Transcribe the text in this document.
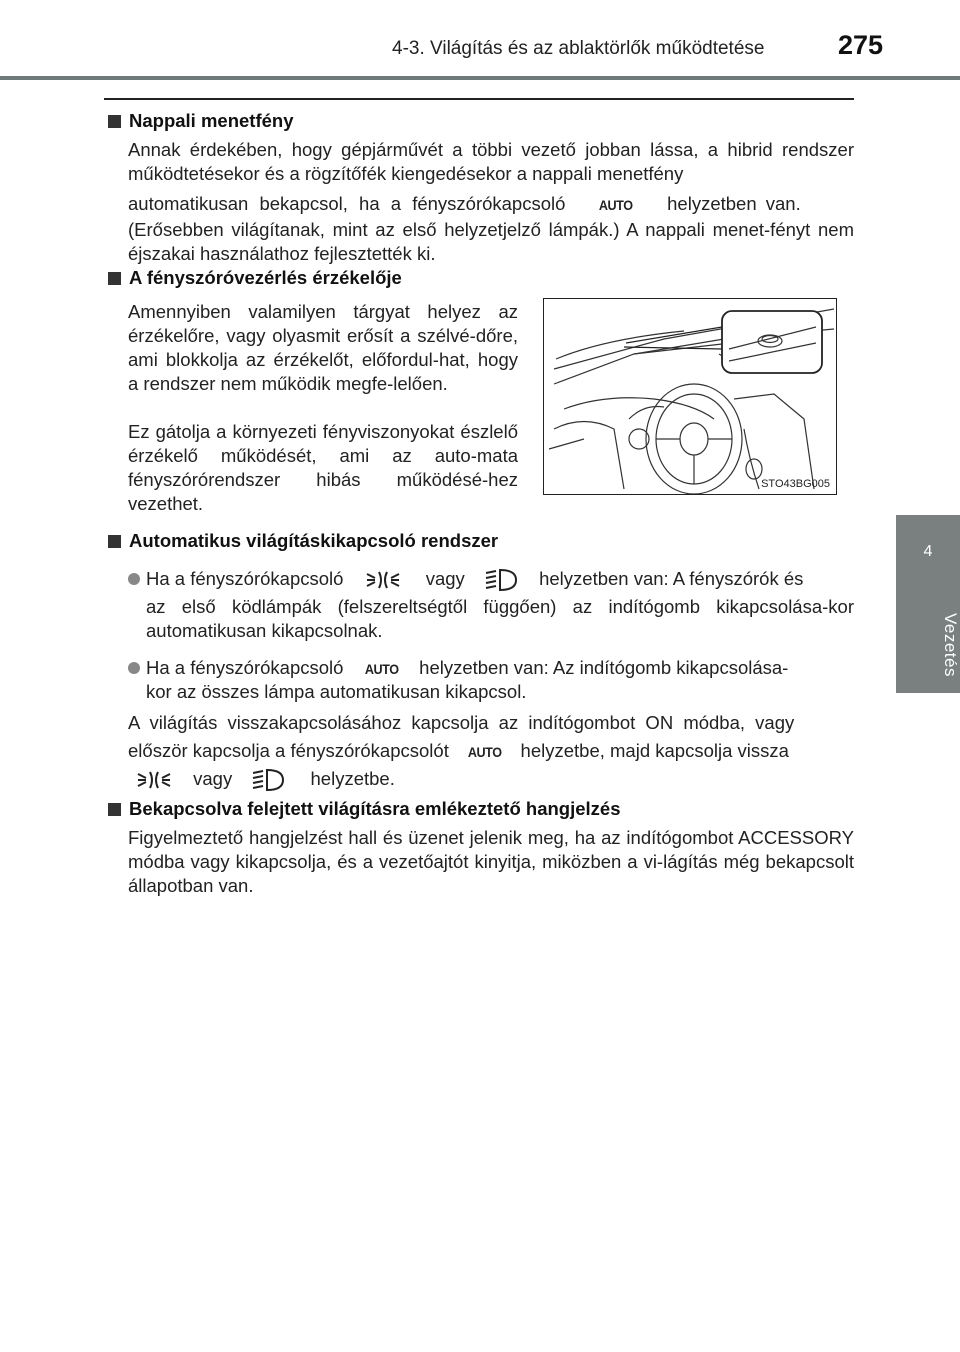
4-3. Világítás és az ablaktörlők működtetése	275
4
Vezetés
Nappali menetfény
Annak érdekében, hogy gépjárművét a többi vezető jobban lássa, a hibrid rendszer működtetésekor és a rögzítőfék kiengedésekor a nappali menetfény
automatikusan bekapcsol, ha a fényszórókapcsoló AUTO helyzetben van.
(Erősebben világítanak, mint az első helyzetjelző lámpák.) A nappali menet-fényt nem éjszakai használathoz fejlesztették ki.
A fényszóróvezérlés érzékelője
Amennyiben valamilyen tárgyat helyez az érzékelőre, vagy olyasmit erősít a szélvé-dőre, ami blokkolja az érzékelőt, előfordul-hat, hogy a rendszer nem működik megfe-lelően.
Ez gátolja a környezeti fényviszonyokat észlelő érzékelő működését, ami az auto-mata fényszórórendszer hibás működésé-hez vezethet.
STO43BG005
Automatikus világításkikapcsoló rendszer
Ha a fényszórókapcsoló	vagy	helyzetben van: A fényszórók és
az első ködlámpák (felszereltségtől függően) az indítógomb kikapcsolása-kor automatikusan kikapcsolnak.
Ha a fényszórókapcsoló AUTO helyzetben van: Az indítógomb kikapcsolása-
kor az összes lámpa automatikusan kikapcsol.
A világítás visszakapcsolásához kapcsolja az indítógombot ON módba, vagy
először kapcsolja a fényszórókapcsolót AUTO helyzetbe, majd kapcsolja vissza
vagy	helyzetbe.
Bekapcsolva felejtett világításra emlékeztető hangjelzés
Figyelmeztető hangjelzést hall és üzenet jelenik meg, ha az indítógombot ACCESSORY módba vagy kikapcsolja, és a vezetőajtót kinyitja, miközben a vi-lágítás még bekapcsolt állapotban van.
